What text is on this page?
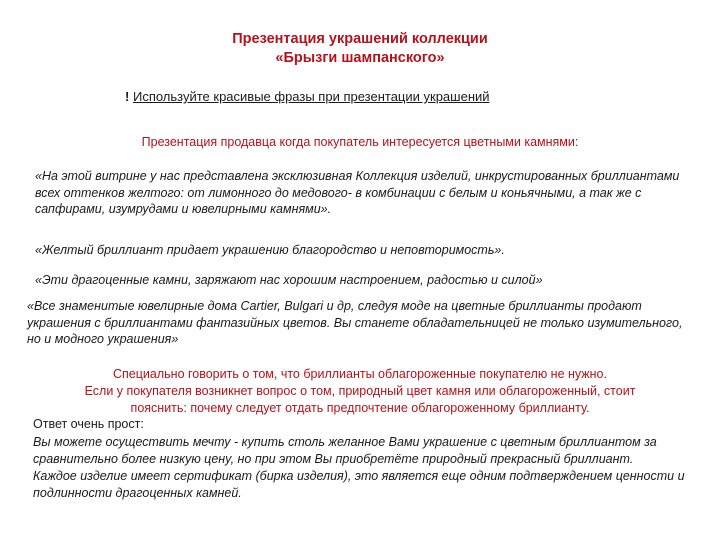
Презентация украшений коллекции
«Брызги шампанского»
! Используйте красивые фразы при презентации украшений
Презентация продавца когда покупатель интересуется цветными камнями:
«На этой витрине у нас представлена эксклюзивная Коллекция изделий, инкрустированных бриллиантами всех оттенков желтого: от лимонного до медового- в комбинации с белым и коньячными, а так же с сапфирами, изумрудами и ювелирными камнями».
«Желтый бриллиант придает украшению благородство и неповторимость».
«Эти драгоценные камни, заряжают нас хорошим настроением, радостью и силой»
«Все знаменитые ювелирные дома Cartier, Bulgari и др, следуя моде на цветные бриллианты продают украшения с бриллиантами фантазийных цветов. Вы станете обладательницей не только изумительного, но и модного украшения»
Специально говорить о том, что бриллианты облагороженные покупателю не нужно.
Если у покупателя возникнет вопрос о том, природный цвет камня или облагороженный, стоит
пояснить: почему следует отдать предпочтение облагороженному бриллианту.
Ответ очень прост:

Вы можете осуществить мечту - купить столь желанное Вами украшение с цветным бриллиантом за сравнительно более низкую цену, но при этом Вы приобретёте природный прекрасный бриллиант.

Каждое изделие имеет сертификат (бирка изделия), это является еще одним подтверждением ценности и подлинности драгоценных камней.
